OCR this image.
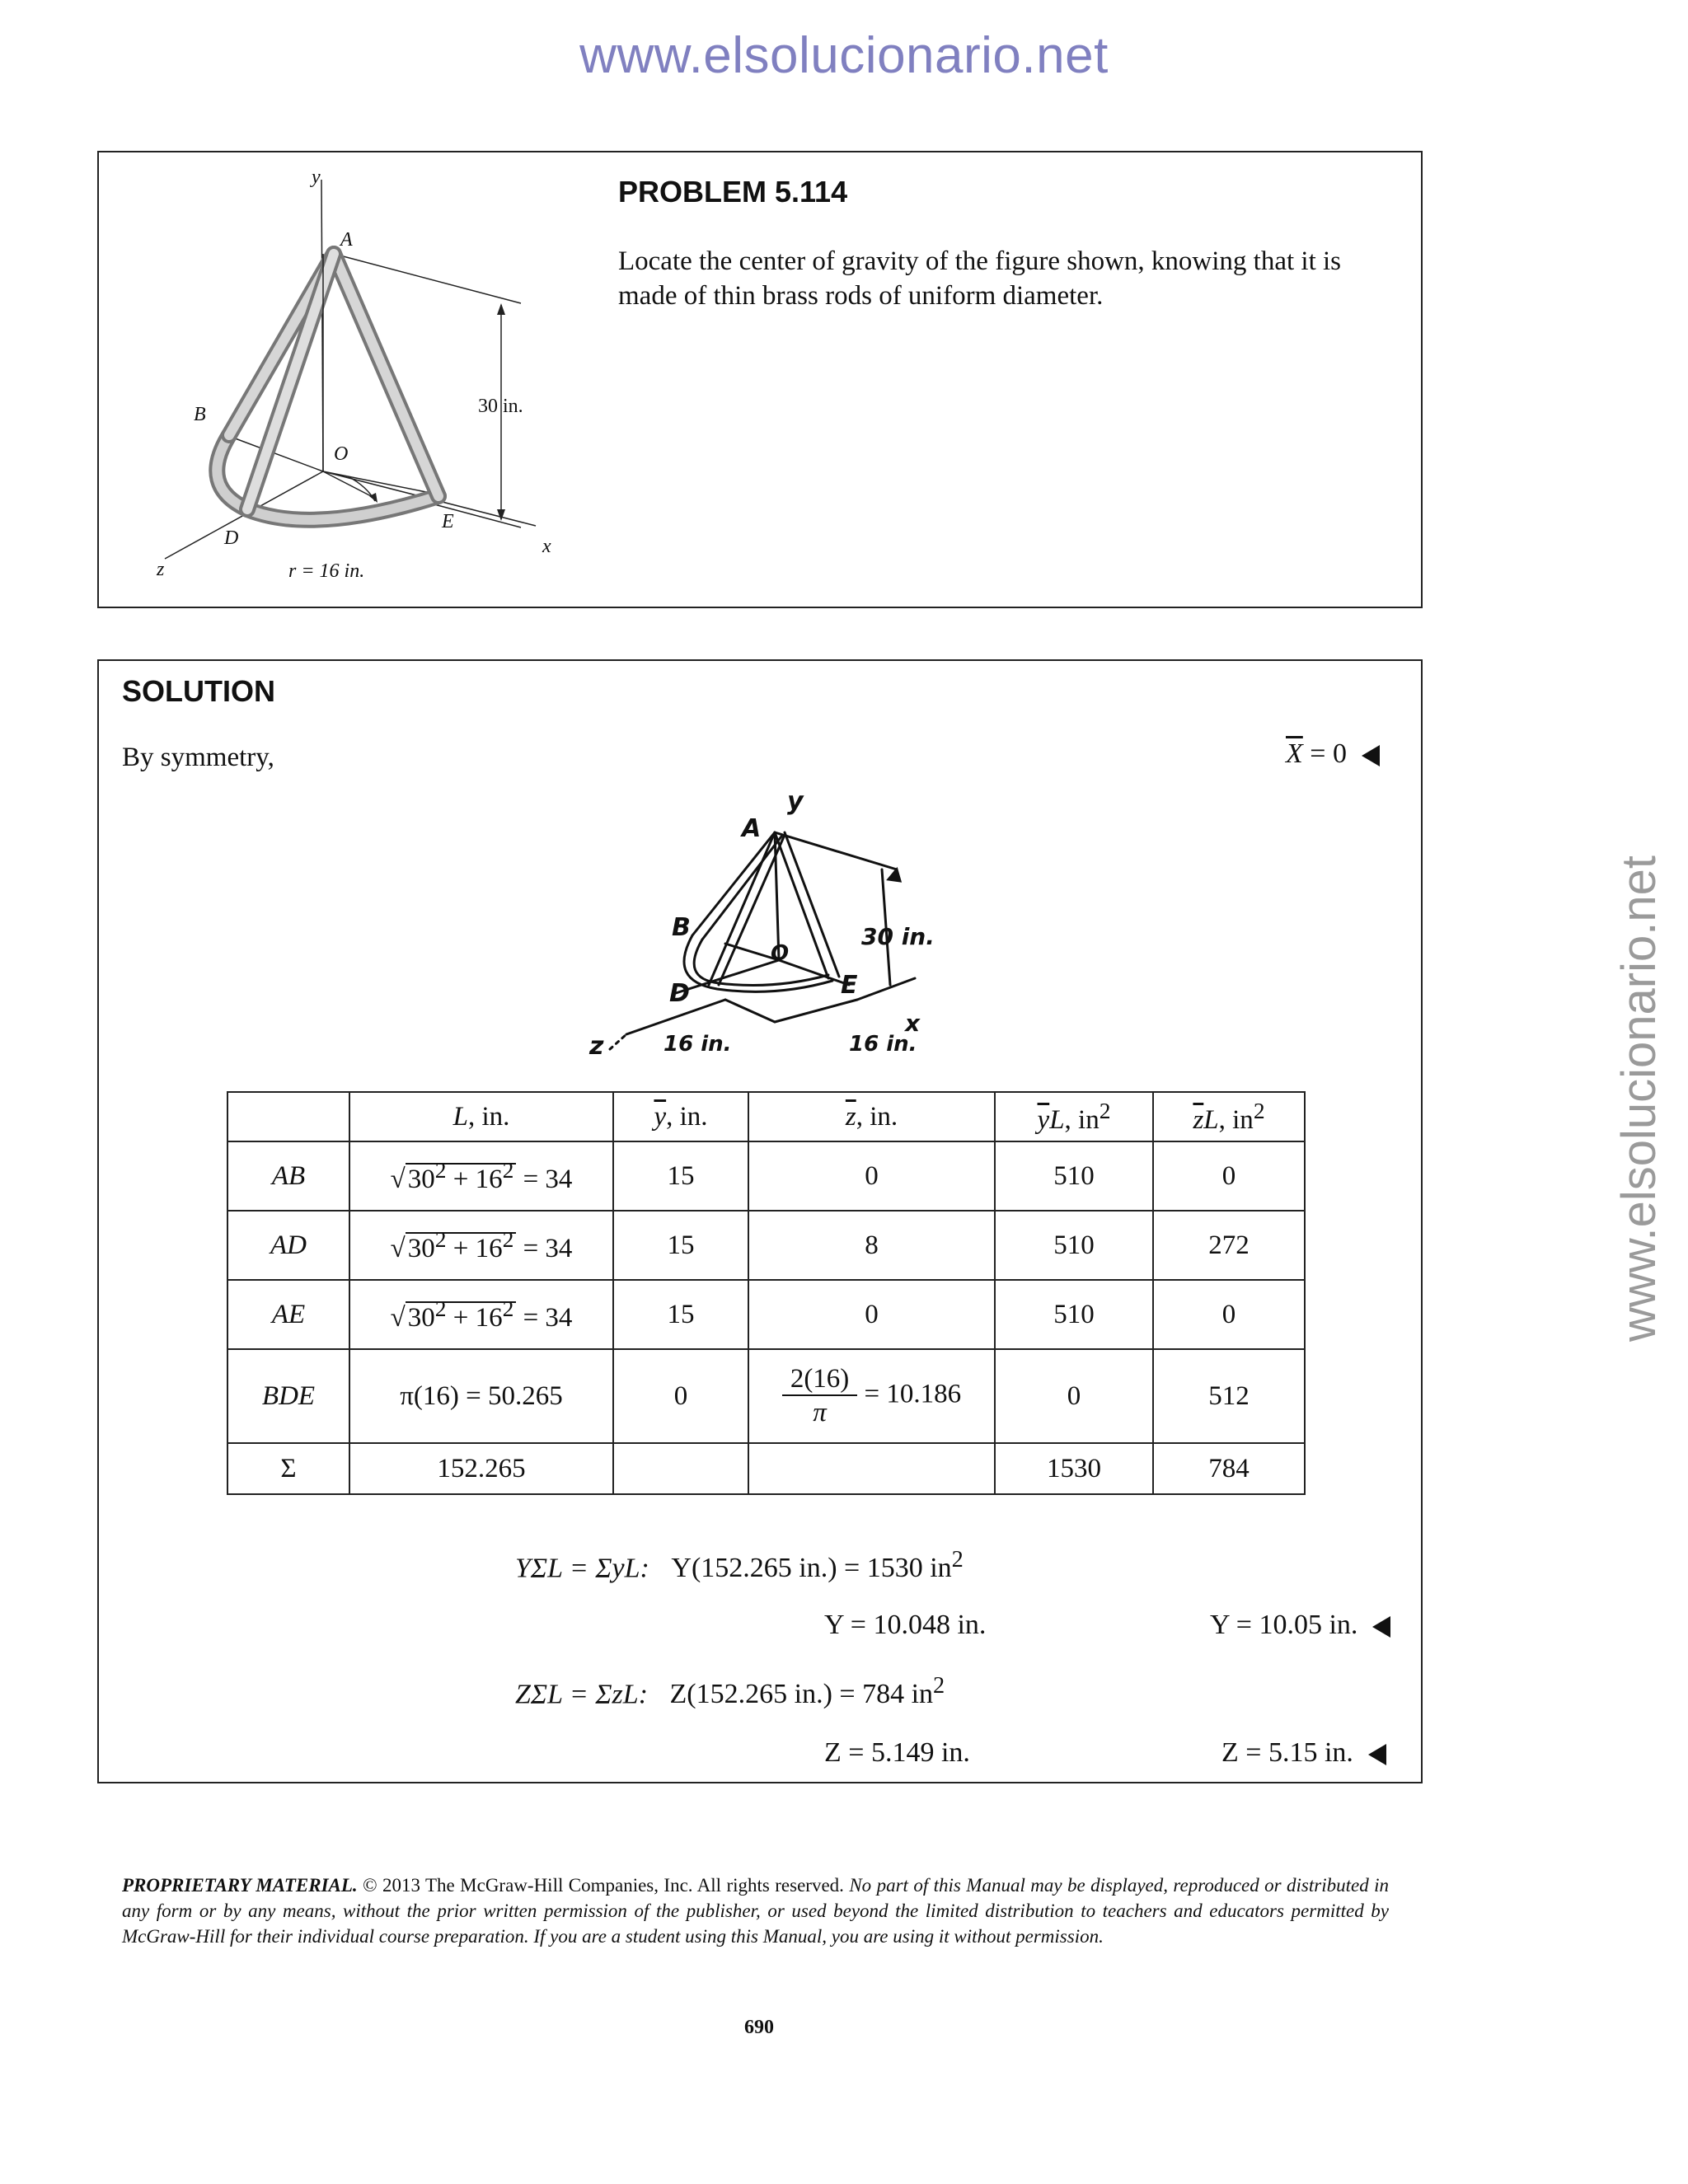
www.elsolucionario.net
www.elsolucionario.net
y
A
B
O
D
E
x
z
30 in.
r = 16 in.
PROBLEM 5.114
Locate the center of gravity of the figure shown, knowing that it is made of thin brass rods of uniform diameter.
SOLUTION
By symmetry,	$\overline{X} = 0$
A
y
B
O
D	E
30 in.
z
x
16 in.	16 in.
	L, in.	$\overline{y}$, in.	$\overline{z}$, in.	$\overline{y}L$, $in^2$	$\overline{z}L$, $in^2$
AB	$√30^2 + 16^2 = 34$	15	0	510	0
AD	$√30^2 + 16^2 = 34$	15	8	510	272
AE	$√30^2 + 16^2 = 34$	15	0	510	0
BDE	π(16) = 50.265	0	$\frac{2(16)}{\pi} = 10.186$	0	512
Σ	152.265			1530	784
YΣL = ΣyL: Y(152.265 in.) = 1530 $in^2$
Y = 10.048 in.	Y = 10.05 in.
ZΣL = ΣzL: Z(152.265 in.) = 784 $in^2$
Z = 5.149 in.	Z = 5.15 in.
PROPRIETARY MATERIAL. © 2013 The McGraw-Hill Companies, Inc. All rights reserved. No part of this Manual may be displayed, reproduced or distributed in any form or by any means, without the prior written permission of the publisher, or used beyond the limited distribution to teachers and educators permitted by McGraw-Hill for their individual course preparation. If you are a student using this Manual, you are using it without permission.
690
